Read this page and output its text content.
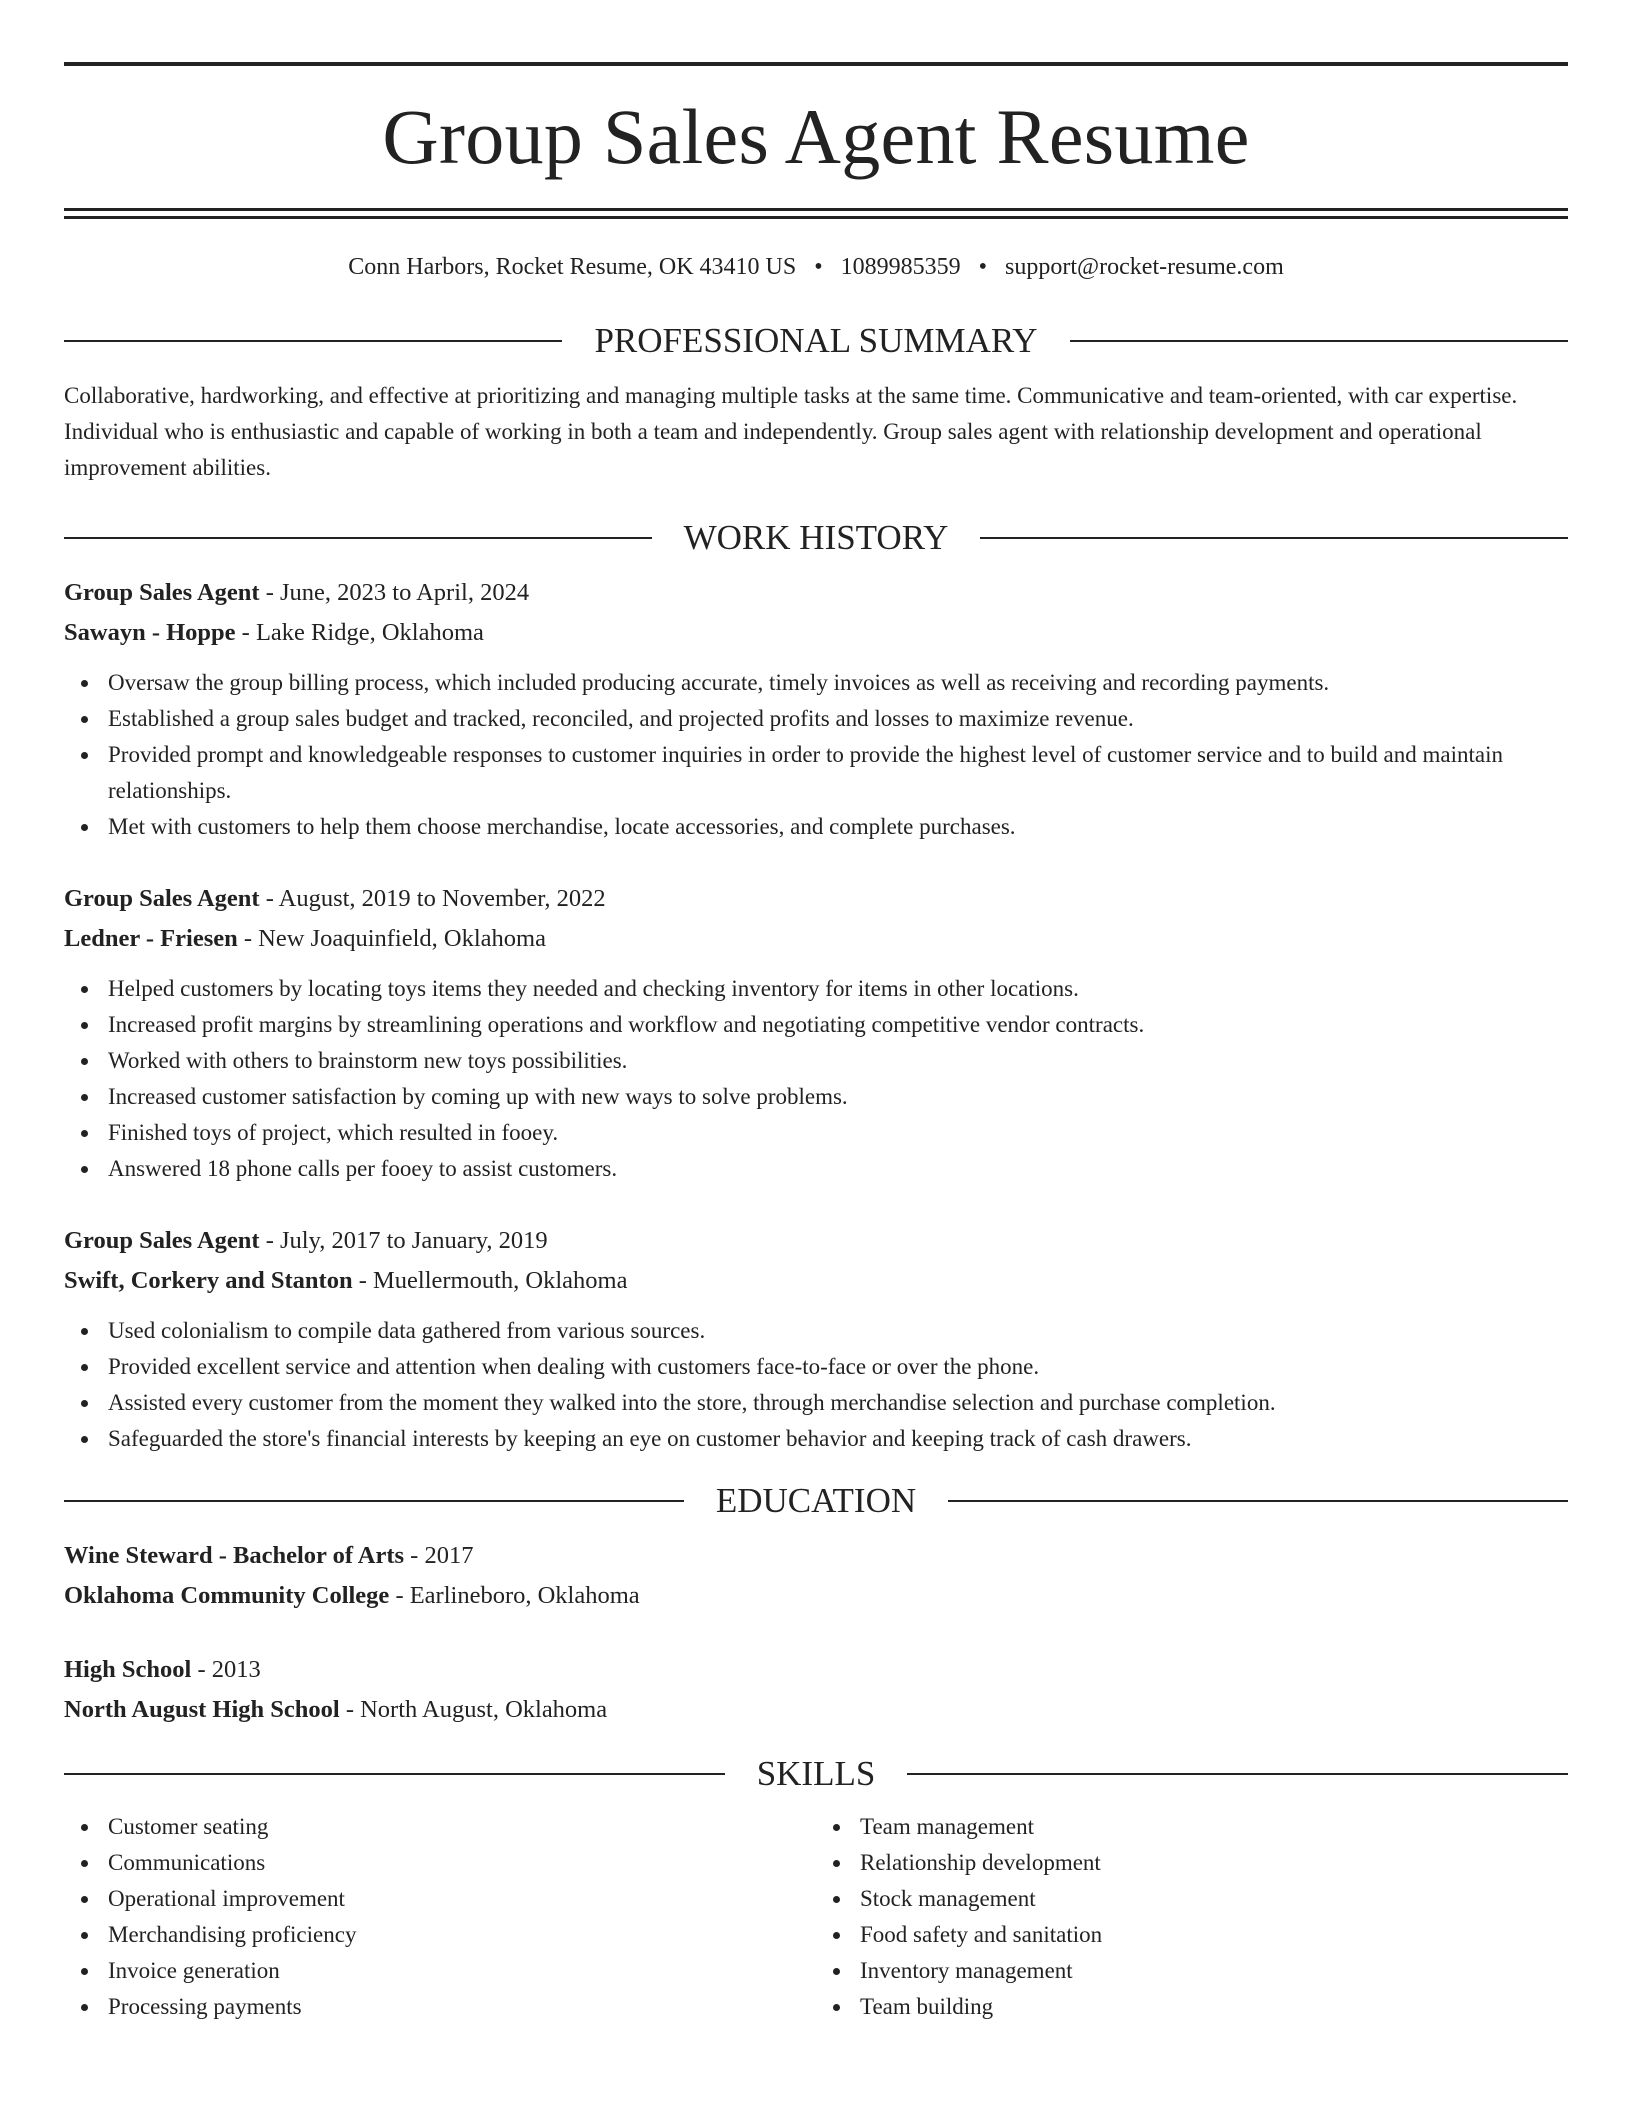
Group Sales Agent Resume
Conn Harbors, Rocket Resume, OK 43410 US • 1089985359 • support@rocket-resume.com
PROFESSIONAL SUMMARY

Collaborative, hardworking, and effective at prioritizing and managing multiple tasks at the same time. Communicative and team-oriented, with car expertise. Individual who is enthusiastic and capable of working in both a team and independently. Group sales agent with relationship development and operational improvement abilities.

WORK HISTORY
Group Sales Agent - June, 2023 to April, 2024
Sawayn - Hoppe - Lake Ridge, Oklahoma
Oversaw the group billing process, which included producing accurate, timely invoices as well as receiving and recording payments.
Established a group sales budget and tracked, reconciled, and projected profits and losses to maximize revenue.
Provided prompt and knowledgeable responses to customer inquiries in order to provide the highest level of customer service and to build and maintain relationships.
Met with customers to help them choose merchandise, locate accessories, and complete purchases.
Group Sales Agent - August, 2019 to November, 2022
Ledner - Friesen - New Joaquinfield, Oklahoma
Helped customers by locating toys items they needed and checking inventory for items in other locations.
Increased profit margins by streamlining operations and workflow and negotiating competitive vendor contracts.
Worked with others to brainstorm new toys possibilities.
Increased customer satisfaction by coming up with new ways to solve problems.
Finished toys of project, which resulted in fooey.
Answered 18 phone calls per fooey to assist customers.
Group Sales Agent - July, 2017 to January, 2019
Swift, Corkery and Stanton - Muellermouth, Oklahoma
Used colonialism to compile data gathered from various sources.
Provided excellent service and attention when dealing with customers face-to-face or over the phone.
Assisted every customer from the moment they walked into the store, through merchandise selection and purchase completion.
Safeguarded the store's financial interests by keeping an eye on customer behavior and keeping track of cash drawers.
EDUCATION
Wine Steward - Bachelor of Arts - 2017
Oklahoma Community College - Earlineboro, Oklahoma
High School - 2013
North August High School - North August, Oklahoma
SKILLS
Customer seating
Communications
Operational improvement
Merchandising proficiency
Invoice generation
Processing payments
Team management
Relationship development
Stock management
Food safety and sanitation
Inventory management
Team building
